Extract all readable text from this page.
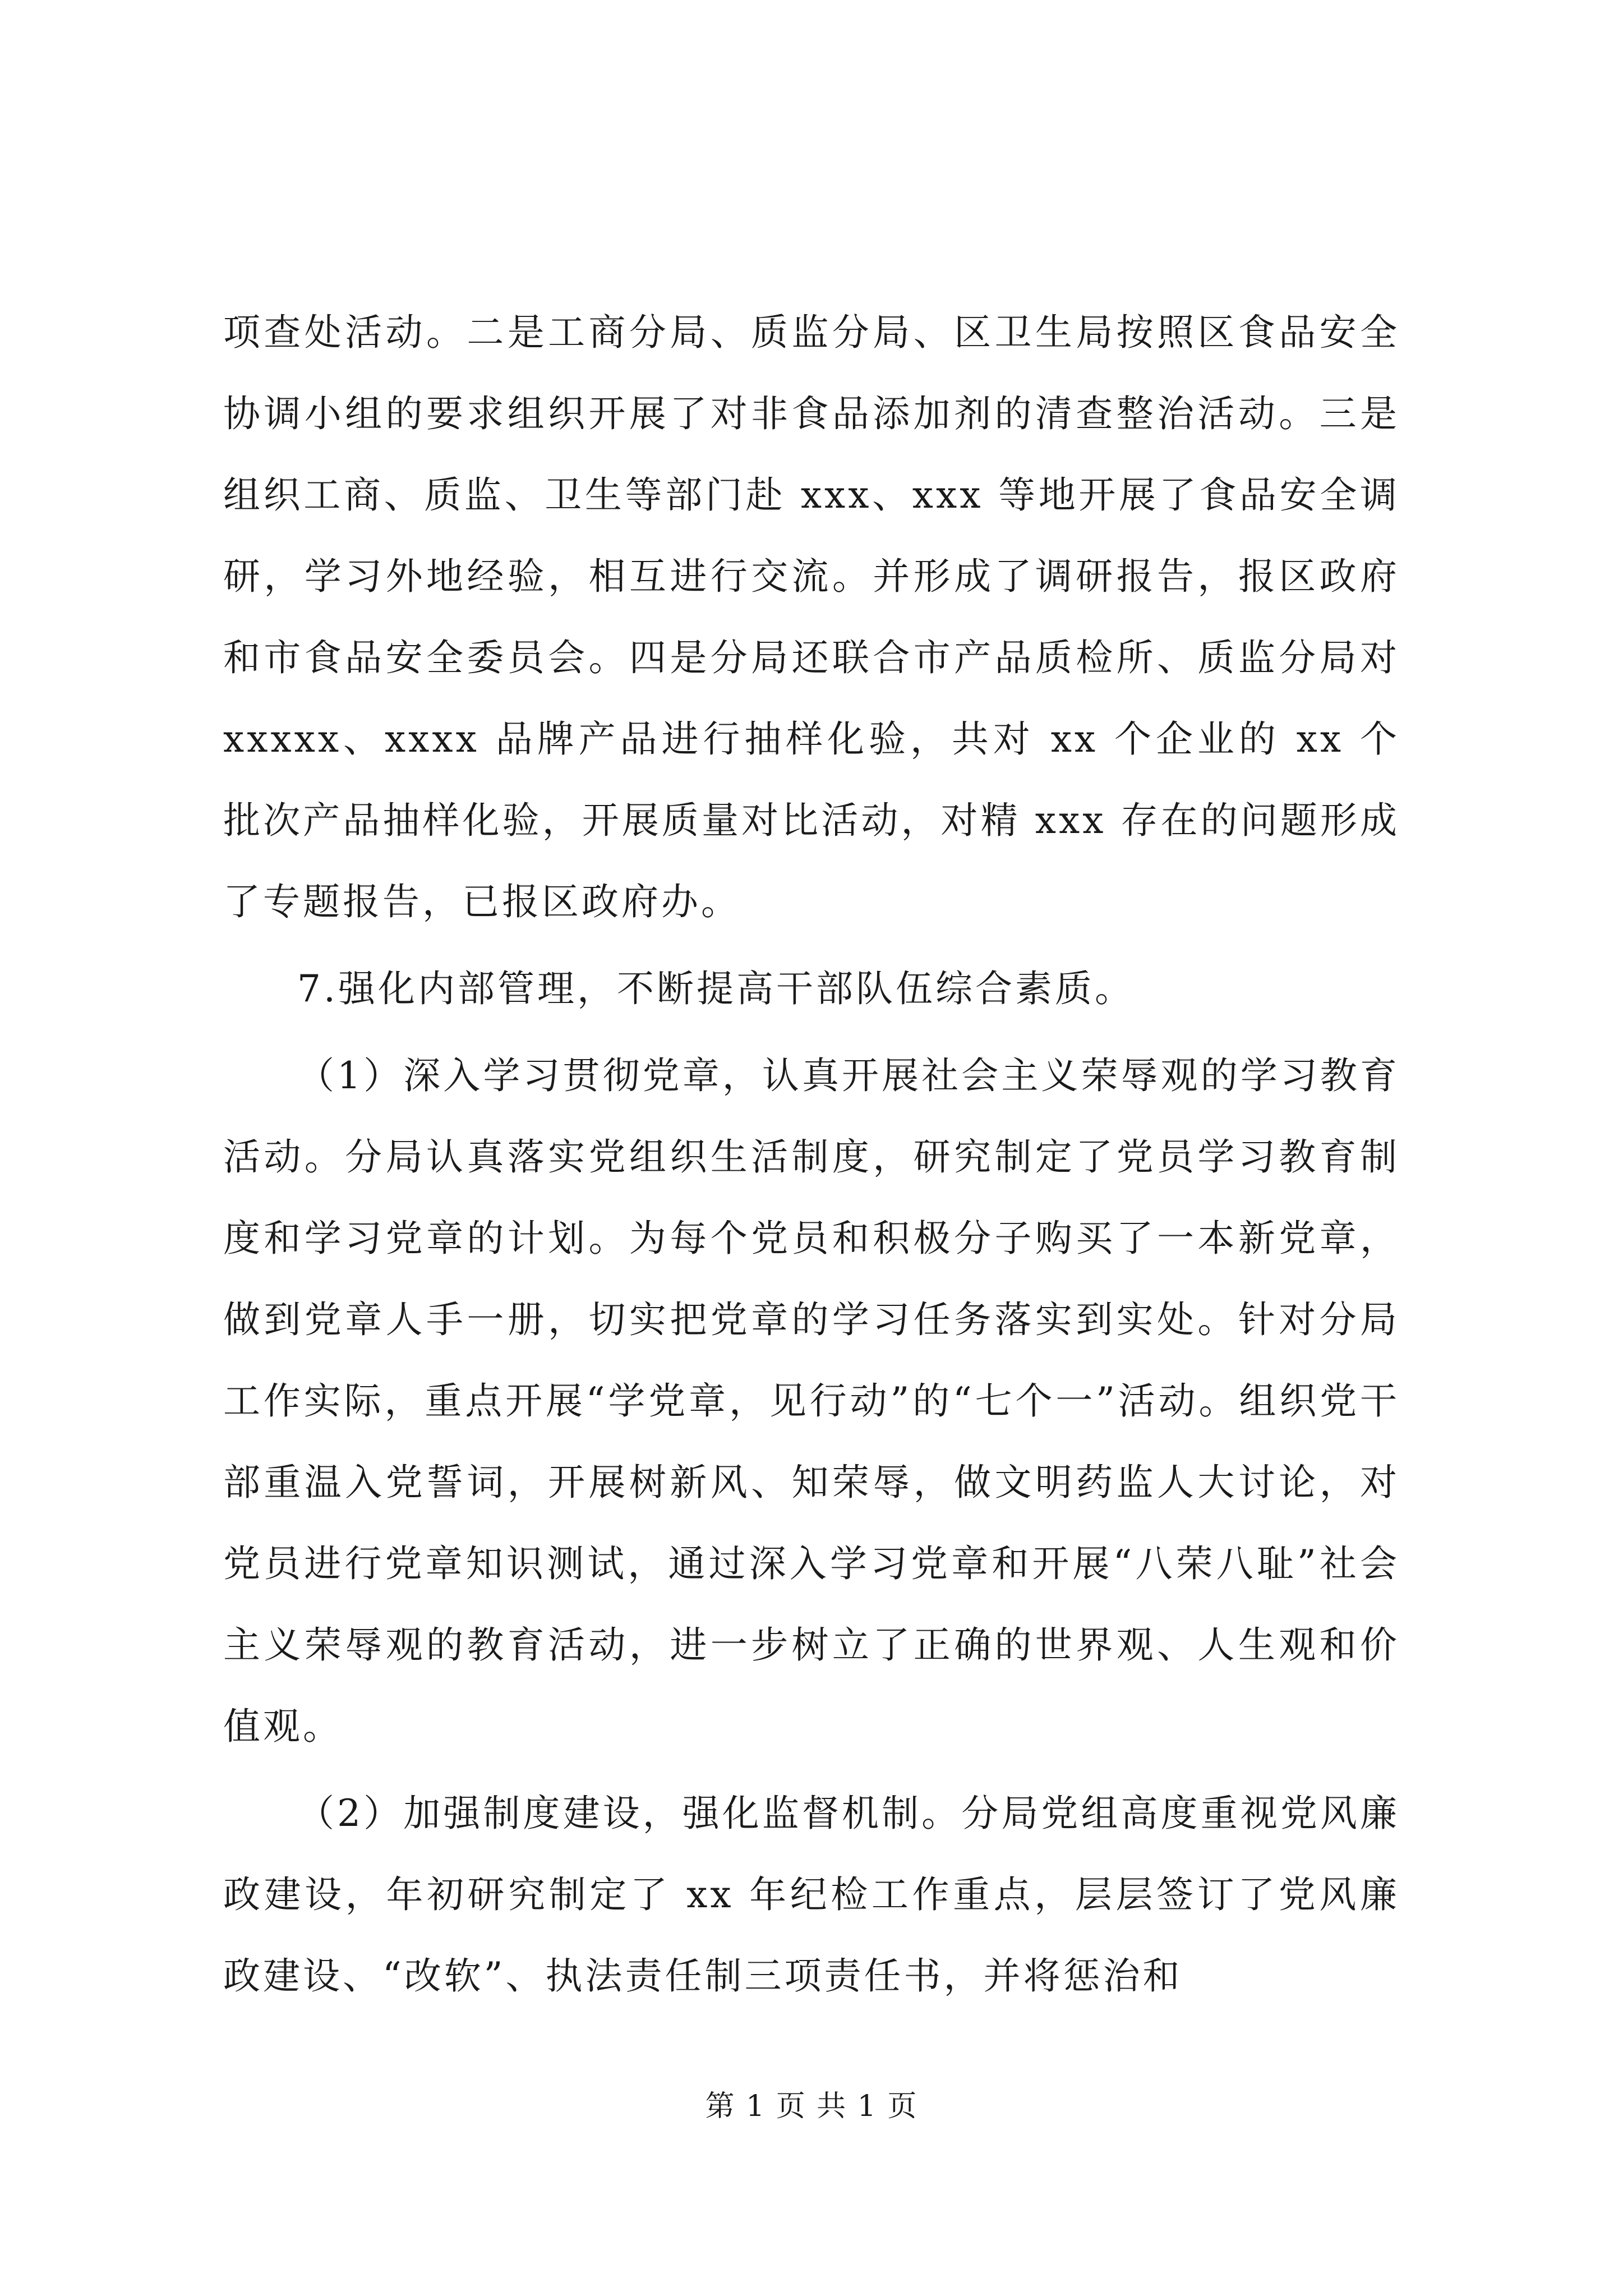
项查处活动。二是工商分局、质监分局、区卫生局按照区食品安全协调小组的要求组织开展了对非食品添加剂的清查整治活动。三是组织工商、质监、卫生等部门赴 xxx、xxx 等地开展了食品安全调研，学习外地经验，相互进行交流。并形成了调研报告，报区政府和市食品安全委员会。四是分局还联合市产品质检所、质监分局对 xxxxx、xxxx 品牌产品进行抽样化验，共对 xx 个企业的 xx 个批次产品抽样化验，开展质量对比活动，对精 xxx 存在的问题形成了专题报告，已报区政府办。

7.强化内部管理，不断提高干部队伍综合素质。

（1）深入学习贯彻党章，认真开展社会主义荣辱观的学习教育活动。分局认真落实党组织生活制度，研究制定了党员学习教育制度和学习党章的计划。为每个党员和积极分子购买了一本新党章，做到党章人手一册，切实把党章的学习任务落实到实处。针对分局工作实际，重点开展“学党章，见行动”的“七个一”活动。组织党干部重温入党誓词，开展树新风、知荣辱，做文明药监人大讨论，对党员进行党章知识测试，通过深入学习党章和开展“八荣八耻”社会主义荣辱观的教育活动，进一步树立了正确的世界观、人生观和价值观。

（2）加强制度建设，强化监督机制。分局党组高度重视党风廉政建设，年初研究制定了 xx 年纪检工作重点，层层签订了党风廉政建设、“改软”、执法责任制三项责任书，并将惩治和

第 1 页 共 1 页
